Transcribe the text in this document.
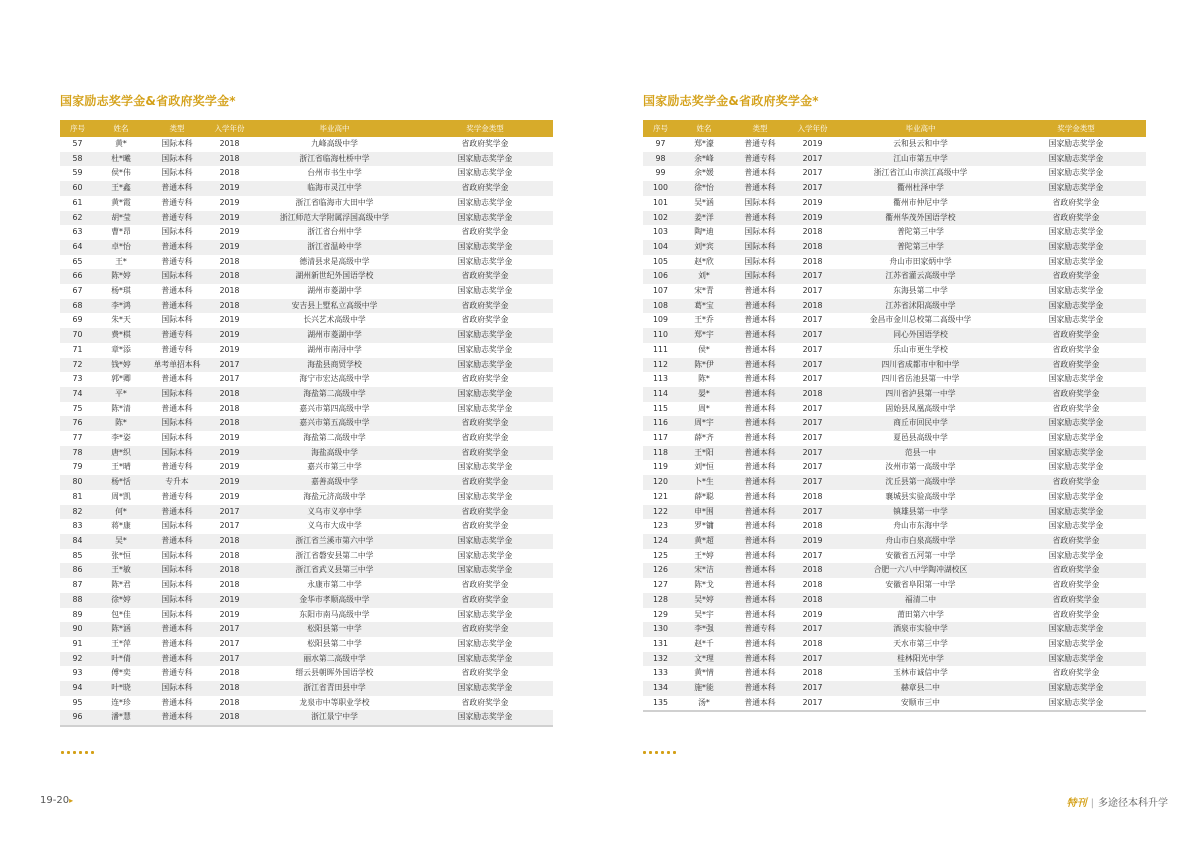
国家励志奖学金&省政府奖学金*
序号	姓名	类型	入学年份	毕业高中	奖学金类型
57	黄*	国际本科	2018	九峰高级中学	省政府奖学金
58	杜*曦	国际本科	2018	浙江省临海杜桥中学	国家励志奖学金
59	侯*伟	国际本科	2018	台州市书生中学	国家励志奖学金
60	王*鑫	普通本科	2019	临海市灵江中学	省政府奖学金
61	黄*霞	普通专科	2019	浙江省临海市大田中学	国家励志奖学金
62	胡*莹	普通专科	2019	浙江师范大学附属浮国高级中学	国家励志奖学金
63	曹*昂	国际本科	2019	浙江省台州中学	省政府奖学金
64	卓*怡	普通本科	2019	浙江省温岭中学	国家励志奖学金
65	王*	普通专科	2018	德清县求是高级中学	国家励志奖学金
66	陈*婷	国际本科	2018	湖州新世纪外国语学校	省政府奖学金
67	杨*琪	普通本科	2018	湖州市菱湖中学	国家励志奖学金
68	李*鸿	普通本科	2018	安吉县上墅私立高级中学	省政府奖学金
69	朱*天	国际本科	2019	长兴艺术高级中学	省政府奖学金
70	费*棋	普通专科	2019	湖州市菱湖中学	国家励志奖学金
71	章*添	普通专科	2019	湖州市南浔中学	国家励志奖学金
72	钱*婷	单考单招本科	2017	海盐县商贸学校	国家励志奖学金
73	郭*卿	普通本科	2017	海宁市宏达高级中学	省政府奖学金
74	平*	国际本科	2018	海盐第二高级中学	国家励志奖学金
75	陈*清	普通本科	2018	嘉兴市第四高级中学	国家励志奖学金
76	陈*	国际本科	2018	嘉兴市第五高级中学	省政府奖学金
77	李*姿	国际本科	2019	海盐第二高级中学	省政府奖学金
78	唐*织	国际本科	2019	海盐高级中学	省政府奖学金
79	王*晴	普通专科	2019	嘉兴市第三中学	国家励志奖学金
80	杨*恬	专升本	2019	嘉善高级中学	省政府奖学金
81	周*凯	普通专科	2019	海盐元济高级中学	国家励志奖学金
82	何*	普通本科	2017	义乌市义亭中学	省政府奖学金
83	蒋*康	国际本科	2017	义乌市大成中学	省政府奖学金
84	吴*	普通本科	2018	浙江省兰溪市第六中学	国家励志奖学金
85	张*恒	国际本科	2018	浙江省磐安县第二中学	国家励志奖学金
86	王*敏	国际本科	2018	浙江省武义县第三中学	国家励志奖学金
87	陈*君	国际本科	2018	永康市第二中学	省政府奖学金
88	徐*婷	国际本科	2019	金华市孝顺高级中学	省政府奖学金
89	包*佳	国际本科	2019	东阳市南马高级中学	国家励志奖学金
90	陈*涵	普通本科	2017	松阳县第一中学	省政府奖学金
91	王*萍	普通本科	2017	松阳县第二中学	国家励志奖学金
92	叶*倩	普通本科	2017	丽水第二高级中学	国家励志奖学金
93	傅*奕	普通专科	2018	缙云县朝晖外国语学校	省政府奖学金
94	叶*晓	国际本科	2018	浙江省青田县中学	国家励志奖学金
95	连*珍	普通本科	2018	龙泉市中等职业学校	省政府奖学金
96	潘*慧	普通本科	2018	浙江景宁中学	国家励志奖学金
国家励志奖学金&省政府奖学金*
序号	姓名	类型	入学年份	毕业高中	奖学金类型
97	郑*濠	普通专科	2019	云和县云和中学	国家励志奖学金
98	余*峰	普通专科	2017	江山市第五中学	国家励志奖学金
99	余*媛	普通本科	2017	浙江省江山市滨江高级中学	国家励志奖学金
100	徐*怡	普通本科	2017	衢州杜泽中学	国家励志奖学金
101	吴*涵	国际本科	2019	衢州市仲尼中学	省政府奖学金
102	姜*洋	普通本科	2019	衢州华茂外国语学校	省政府奖学金
103	陶*迪	国际本科	2018	普陀第三中学	国家励志奖学金
104	刘*宾	国际本科	2018	普陀第三中学	国家励志奖学金
105	赵*欣	国际本科	2018	舟山市田家炳中学	国家励志奖学金
106	刘*	国际本科	2017	江苏省灌云高级中学	省政府奖学金
107	宋*青	普通本科	2017	东海县第二中学	国家励志奖学金
108	葛*宝	普通本科	2018	江苏省沭阳高级中学	国家励志奖学金
109	王*乔	普通本科	2017	金昌市金川总校第二高级中学	国家励志奖学金
110	郑*宇	普通本科	2017	同心外国语学校	省政府奖学金
111	侯*	普通本科	2017	乐山市更生学校	省政府奖学金
112	陈*伊	普通本科	2017	四川省成都市中和中学	省政府奖学金
113	陈*	普通本科	2017	四川省岳池县第一中学	国家励志奖学金
114	晏*	普通本科	2018	四川省泸县第一中学	省政府奖学金
115	周*	普通本科	2017	固始县凤凰高级中学	省政府奖学金
116	周*宇	普通本科	2017	商丘市回民中学	国家励志奖学金
117	薛*齐	普通本科	2017	夏邑县高级中学	国家励志奖学金
118	王*阳	普通本科	2017	范县一中	国家励志奖学金
119	刘*恒	普通本科	2017	汝州市第一高级中学	国家励志奖学金
120	卜*生	普通本科	2017	沈丘县第一高级中学	省政府奖学金
121	薛*聪	普通本科	2018	襄城县实验高级中学	国家励志奖学金
122	申*围	普通本科	2017	镇雄县第一中学	国家励志奖学金
123	罗*镛	普通本科	2018	舟山市东海中学	国家励志奖学金
124	黄*超	普通本科	2019	舟山市白泉高级中学	省政府奖学金
125	王*婷	普通本科	2017	安徽省五河第一中学	国家励志奖学金
126	宋*洁	普通本科	2018	合肥一六八中学陶冲湖校区	省政府奖学金
127	陈*戈	普通本科	2018	安徽省阜阳第一中学	省政府奖学金
128	吴*婷	普通本科	2018	福清二中	省政府奖学金
129	吴*宇	普通本科	2019	莆田第六中学	省政府奖学金
130	李*强	普通专科	2017	酒泉市实验中学	国家励志奖学金
131	赵*千	普通本科	2018	天水市第三中学	国家励志奖学金
132	文*理	普通本科	2017	桂林阳光中学	国家励志奖学金
133	黄*情	普通本科	2018	玉林市诚信中学	省政府奖学金
134	施*能	普通本科	2017	赫章县二中	国家励志奖学金
135	汤*	普通本科	2017	安顺市三中	国家励志奖学金
19-20▸	特刊 | 多途径本科升学
